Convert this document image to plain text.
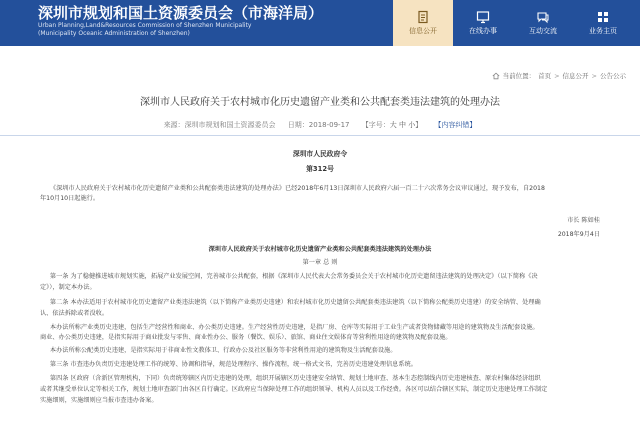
深圳市规划和国土资源委员会（市海洋局）
Urban Planning,Land&Resources Commission of Shenzhen Municipality
(Municipality Oceanic Administration of Shenzhen)	信息公开	在线办事	互动交流	业务主页
当前位置： 首页 > 信息公开 > 公告公示
深圳市人民政府关于农村城市化历史遗留产业类和公共配套类违法建筑的处理办法
来源：深圳市规划和国土资源委员会 日期：2018-09-17 【字号：大 中 小】 【内容纠错】
深圳市人民政府令
第312号
《深圳市人民政府关于农村城市化历史遗留产业类和公共配套类违法建筑的处理办法》已经2018年6月13日深圳市人民政府六届一百二十六次常务会议审议通过，现予发布，自2018
年10月10日起施行。
市长 陈如桂
2018年9月4日
深圳市人民政府关于农村城市化历史遗留产业类和公共配套类违法建筑的处理办法
第一章 总 则
第一条 为了稳健推进城市规划实施，拓展产业发展空间，完善城市公共配套，根据《深圳市人民代表大会常务委员会关于农村城市化历史遗留违法建筑的处理决定》（以下简称《决
定》），制定本办法。
第二条 本办法适用于农村城市化历史遗留产业类违法建筑（以下简称产业类历史违建）和农村城市化历史遗留公共配套类违法建筑（以下简称公配类历史违建）的安全纳管、处理确
认、依法拆除或者没收。
本办法所称产业类历史违建，包括生产经营性和商业、办公类历史违建。生产经营性历史违建，是指厂房、仓库等实际用于工业生产或者货物储藏等用途的建筑物及生活配套设施。
商业、办公类历史违建，是指实际用于商业批发与零售、商业性办公、服务（餐饮、娱乐）、旅馆、商业住文娱体育等营利性用途的建筑物及配套设施。
本办法所称公配类历史违建，是指实际用于非商业性文教体卫、行政办公及社区服务等非营利性用途的建筑物及生活配套设施。
第三条 市查违办负责历史违建处理工作的统筹、协调和指导，规范处理程序、操作流程，统一格式文书，完善历史违建处理信息系统。
第四条 区政府（含新区管理机构，下同）负责统筹辖区内历史违建的处理，组织开展辖区历史违建安全纳管、规划土地审查、基本生态控制线内历史违建核查、原农村集体经济组织
或者其继受单位认定等相关工作，规划土地审查部门由各区自行确定。区政府应当保障处理工作的组织领导、机构人员以及工作经费。各区可以结合辖区实际，制定历史违建处理工作制定
实施细则，实施细则应当报市查违办备案。
